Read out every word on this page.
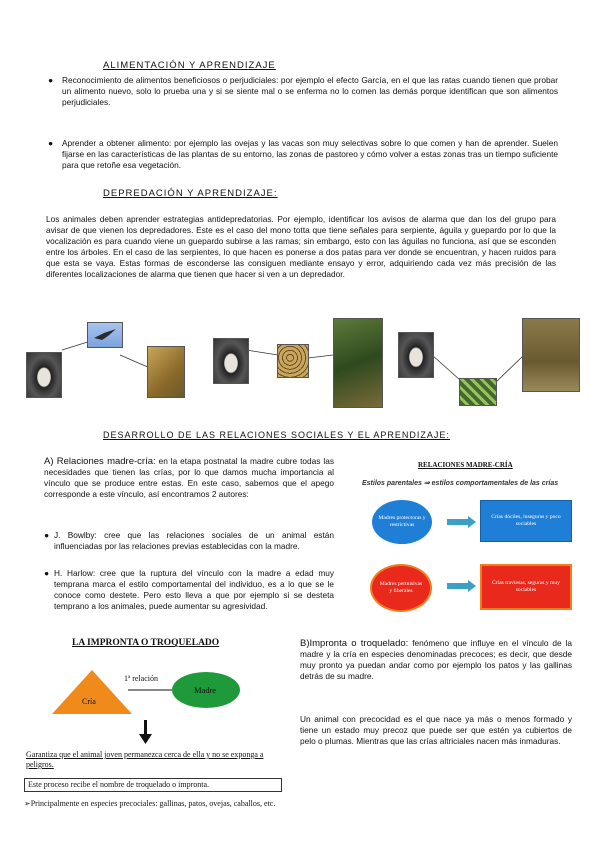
ALIMENTACIÓN Y APRENDIZAJE
● Reconocimiento de alimentos beneficiosos o perjudiciales: por ejemplo el efecto García, en el que las ratas cuando tienen que probar un alimento nuevo, solo lo prueba una y si se siente mal o se enferma no lo comen las demás porque identifican que son alimentos perjudiciales.
● Aprender a obtener alimento: por ejemplo las ovejas y las vacas son muy selectivas sobre lo que comen y han de aprender. Suelen fijarse en las características de las plantas de su entorno, las zonas de pastoreo y cómo volver a estas zonas tras un tiempo suficiente para que retoñe esa vegetación.
DEPREDACIÓN Y APRENDIZAJE:
Los animales deben aprender estrategias antidepredatorias. Por ejemplo, identificar los avisos de alarma que dan los del grupo para avisar de que vienen los depredadores. Este es el caso del mono totta que tiene señales para serpiente, águila y guepardo por lo que la vocalización es para cuando viene un guepardo subirse a las ramas; sin embargo, esto con las águilas no funciona, así que se esconden entre los árboles. En el caso de las serpientes, lo que hacen es ponerse a dos patas para ver donde se encuentran, y hacen ruidos para que esta se vaya. Estas formas de esconderse las consiguen mediante ensayo y error, adquiriendo cada vez más precisión de las diferentes localizaciones de alarma que tienen que hacer si ven a un depredador.
DESARROLLO DE LAS RELACIONES SOCIALES Y EL APRENDIZAJE:
A) Relaciones madre-cría: en la etapa postnatal la madre cubre todas las necesidades que tienen las crías, por lo que damos mucha importancia al vínculo que se produce entre estas. En este caso, sabemos que el apego corresponde a este vínculo, así encontramos 2 autores:
● J. Bowlby: cree que las relaciones sociales de un animal están influenciadas por las relaciones previas establecidas con la madre.
● H. Harlow: cree que la ruptura del vínculo con la madre a edad muy temprana marca el estilo comportamental del individuo, es a lo que se le conoce como destete. Pero esto lleva a que por ejemplo si se desteta temprano a los animales, puede aumentar su agresividad.
RELACIONES MADRE-CRÍA
Estilos parentales ⇒ estilos comportamentales de las crías
Madres protectoras y restrictivas
Crías dóciles, inseguras y poco sociables
Madres permisivas y liberales
Crías traviesas, seguras y muy sociables
LA IMPRONTA O TROQUELADO
Cría
1ª relación
Madre
Garantiza que el animal joven permanezca cerca de ella y no se exponga a peligros.
Este proceso recibe el nombre de troquelado o impronta.
➢Principalmente en especies precociales: gallinas, patos, ovejas, caballos, etc.
B)Impronta o troquelado: fenómeno que influye en el vínculo de la madre y la cría en especies denominadas precoces; es decir, que desde muy pronto ya puedan andar como por ejemplo los patos y las gallinas detrás de su madre.
Un animal con precocidad es el que nace ya más o menos formado y tiene un estado muy precoz que puede ser que estén ya cubiertos de pelo o plumas. Mientras que las crías altriciales nacen más inmaduras.
